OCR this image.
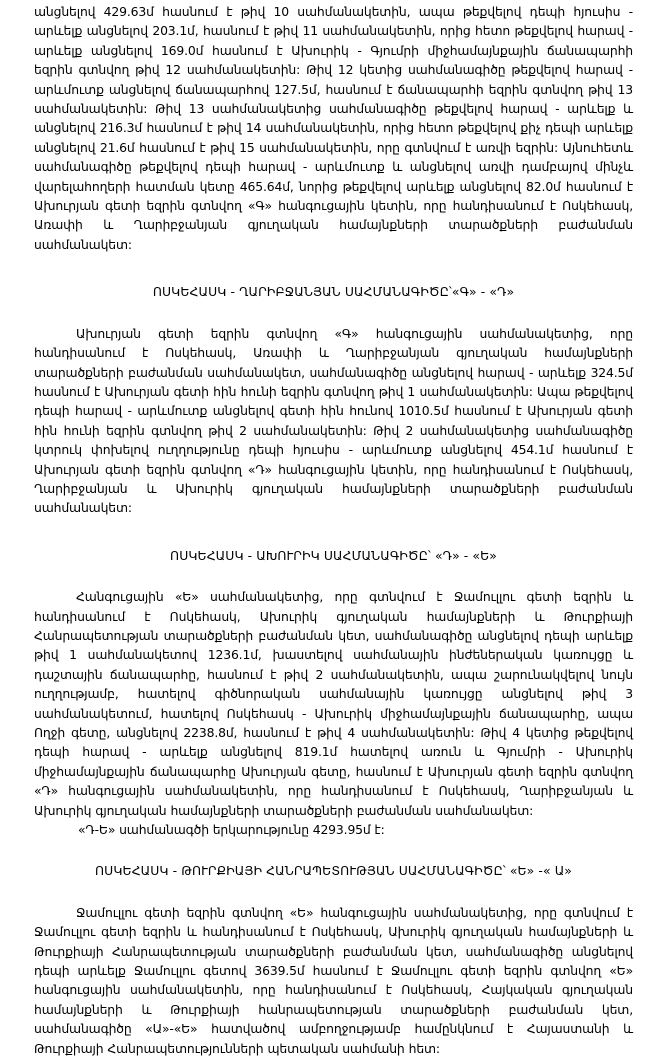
անցնելով 429.63մ հասնում է թիվ 10 սահմանակետին, ապա թեքվելով դեպի հյուսիս - արևելք անցնելով 203.1մ, հասնում է թիվ 11 սահմանակետին, որից հետո թեքվելով հարավ - արևելք անցնելով 169.0մ հասնում է Ախուրիկ - Գյումրի միջհամայնքային ճանապարհի եզրին գտնվող թիվ 12 սահմանակետին: Թիվ 12 կետից սահմանագիծը թեքվելով հարավ - արևմուտք անցնելով ճանապարհով 127.5մ, հասնում է ճանապարհի եզրին գտնվող թիվ 13 սահմանակետին: Թիվ 13 սահմանակետից սահմանագիծը թեքվելով հարավ - արևելք և անցնելով 216.3մ հասնում է թիվ 14 սահմանակետին, որից հետո թեքվելով քիչ դեպի արևելք անցնելով 21.6մ հասնում է թիվ 15 սահմանակետին, որը գտնվում է առվի եզրին: Այնուհետև սահմանագիծը թեքվելով դեպի հարավ - արևմուտք և անցնելով առվի դամբայով մինչև վարելահողերի հատման կետը 465.64մ, նորից թեքվելով արևելք անցնելով 82.0մ հասնում է Ախուրյան գետի եզրին գտնվող «Գ» հանգուցային կետին, որը հանդիսանում է Ոսկեհասկ, Առափի և Ղարիբջանյան գյուղական համայնքների տարածքների բաժանման սահմանակետ:

ՈՍԿԵՀԱՍԿ - ՂԱՐԻԲՋԱՆՅԱՆ ՍԱՀՄԱՆԱԳԻԾԸ՝«Գ» - «Դ»

Ախուրյան գետի եզրին գտնվող «Գ» հանգուցային սահմանակետից, որը հանդիսանում է Ոսկեհասկ, Առափի և Ղարիբջանյան գյուղական համայնքների տարածքների բաժանման սահմանակետ, սահմանագիծը անցնելով հարավ - արևելք 324.5մ հասնում է Ախուրյան գետի հին հունի եզրին գտնվող թիվ 1 սահմանակետին: Ապա թեքվելով դեպի հարավ - արևմուտք անցնելով գետի հին հունով 1010.5մ հասնում է Ախուրյան գետի հին հունի եզրին գտնվող թիվ 2 սահմանակետին: Թիվ 2 սահմանակետից սահմանագիծը կտրուկ փոխելով ուղղությունը դեպի հյուսիս - արևմուտք անցնելով 454.1մ հասնում է Ախուրյան գետի եզրին գտնվող «Դ» հանգուցային կետին, որը հանդիսանում է Ոսկեհասկ, Ղարիբջանյան և Ախուրիկ գյուղական համայնքների տարածքների բաժանման սահմանակետ:

ՈՍԿԵՀԱՍԿ - ԱԽՈՒՐԻԿ ՍԱՀՄԱՆԱԳԻԾԸ՝ «Դ» - «Ե»

Հանգուցային «Ե» սահմանակետից, որը գտնվում է Ջամուլլու գետի եզրին և հանդիսանում է Ոսկեհասկ, Ախուրիկ գյուղական համայնքների և Թուրքիայի Հանրապետության տարածքների բաժանման կետ, սահմանագիծը անցնելով դեպի արևելք թիվ 1 սահմանակետով 1236.1մ, խաստելով սահմանային ինժեներական կառույցը և դաշտային ճանապարհը, հասնում է թիվ 2 սահմանակետին, ապա շարունակվելով նույն ուղղությամբ, հատելով գիծնորական սահմանային կառույցը անցնելով թիվ 3 սահմանակետում, հատելով Ոսկեհասկ - Ախուրիկ միջհամայնքային ճանապարհը, ապա Ողջի գետը, անցնելով 2238.8մ, հասնում է թիվ 4 սահմանակետին: Թիվ 4 կետից թեքվելով դեպի հարավ - արևելք անցնելով 819.1մ հատելով առուն և Գյումրի - Ախուրիկ միջհամայնքային ճանապարհը Ախուրյան գետը, հասնում է Ախուրյան գետի եզրին գտնվող «Դ» հանգուցային սահմանակետին, որը հանդիսանում է Ոսկեհասկ, Ղարիբջանյան և Ախուրիկ գյուղական համայնքների տարածքների բաժանման սահմանակետ:

«Դ-Ե» սահմանագծի երկարությունը 4293.95մ է:

ՈՍԿԵՀԱՍԿ - ԹՈՒՐՔԻԱՅԻ ՀԱՆՐԱՊԵՏՈՒԹՅԱՆ ՍԱՀՄԱՆԱԳԻԾԸ՝ «Ե» -« Ա»

Ջամուլլու գետի եզրին գտնվող «Ե» հանգուցային սահմանակետից, որը գտնվում է Ջամուլլու գետի եզրին և հանդիսանում է Ոսկեհասկ, Ախուրիկ գյուղական համայնքների և Թուրքիայի Հանրապետության տարածքների բաժանման կետ, սահմանագիծը անցնելով դեպի արևելք Ջամուլլու գետով 3639.5մ հասնում է Ջամուլլու գետի եզրին գտնվող «Ե» հանգուցային սահմանակետին, որը հանդիսանում է Ոսկեհասկ, Հայկական գյուղական համայնքների և Թուրքիայի հանրապետության տարածքների բաժանման կետ, սահմանագիծը «Ա»-«Ե» հատվածով ամբողջությամբ համընկնում է Հայաստանի և Թուրքիայի Հանրապետությունների պետական սահմանի հետ:
